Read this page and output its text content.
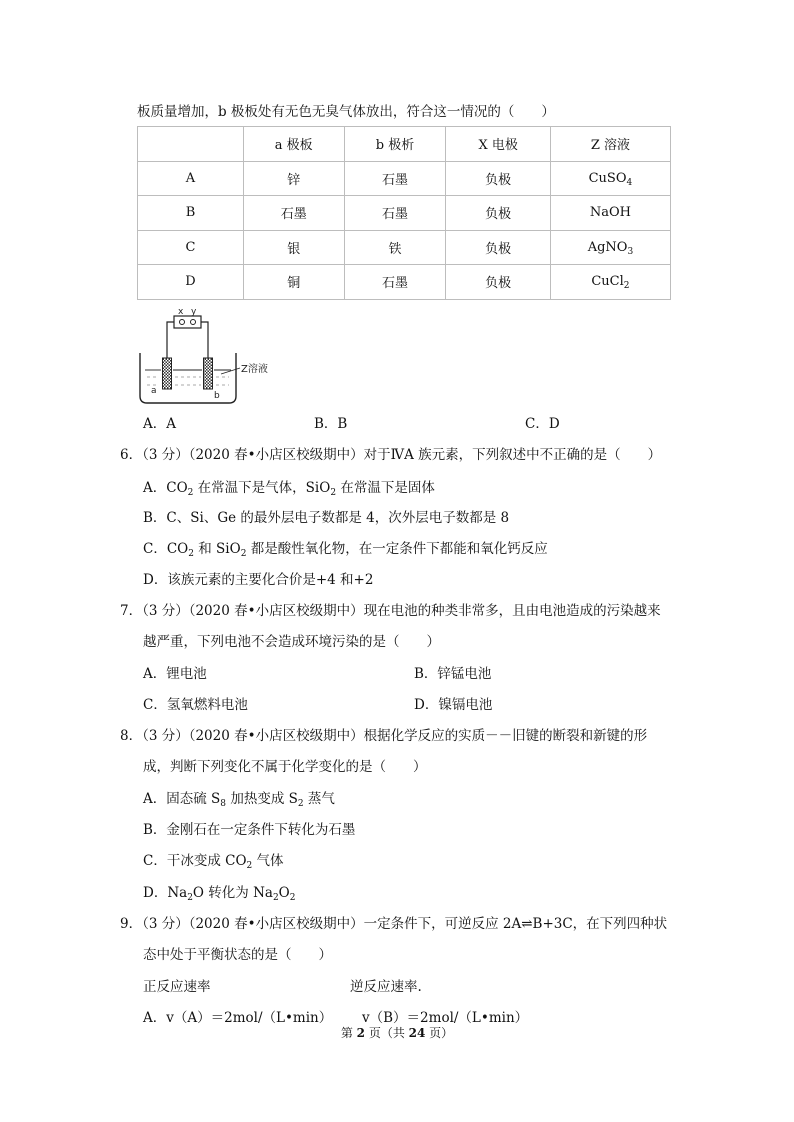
板质量增加，b 极板处有无色无臭气体放出，符合这一情况的（　　）
	a 极板	b 极析	X 电极	Z 溶液
A	锌	石墨	负极	CuSO$_4$
B	石墨	石墨	负极	NaOH
C	银	铁	负极	AgNO$_3$
D	铜	石墨	负极	CuCl$_2$
x y
a	b
Z溶液
A．A	B．B	C．D
6．（3 分）（2020 春•小店区校级期中）对于ⅣA 族元素，下列叙述中不正确的是（　　）
A．$CO_2$ 在常温下是气体，SiO$_2$ 在常温下是固体
B．C、Si、Ge 的最外层电子数都是 4，次外层电子数都是 8
C．$CO_2$ 和 SiO$_2$ 都是酸性氧化物，在一定条件下都能和氧化钙反应
D．该族元素的主要化合价是+4 和+2
7．（3 分）（2020 春•小店区校级期中）现在电池的种类非常多，且由电池造成的污染越来
越严重，下列电池不会造成环境污染的是（　　）
A．锂电池	B．锌锰电池
C．氢氧燃料电池	D．镍镉电池
8．（3 分）（2020 春•小店区校级期中）根据化学反应的实质－－旧键的断裂和新键的形
成，判断下列变化不属于化学变化的是（　　）
A．固态硫 $S_8$ 加热变成 $S_2$ 蒸气
B．金刚石在一定条件下转化为石墨
C．干冰变成 $CO_2$ 气体
D．$Na_2O$ 转化为 $Na_2O_2$
9．（3 分）（2020 春•小店区校级期中）一定条件下，可逆反应 2A⇌B+3C，在下列四种状
态中处于平衡状态的是（　　）
正反应速率	逆反应速率.
A．v（A）＝2mol/（L•min） v（B）＝2mol/（L•min）
第 2 页（共 24 页）
